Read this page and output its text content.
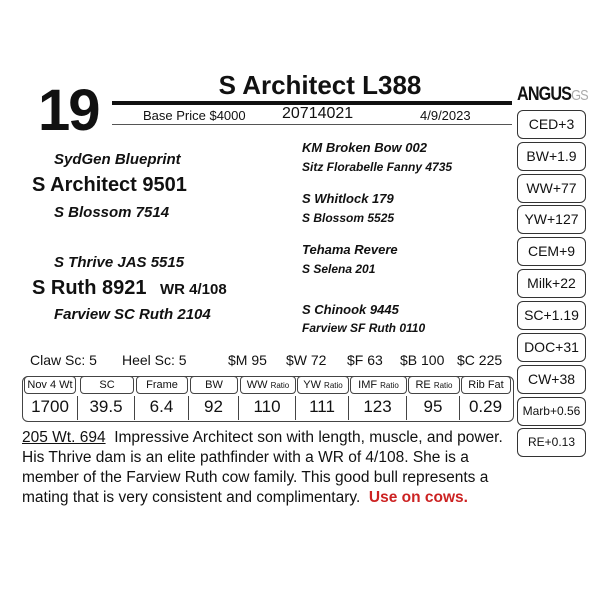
19	S Architect L388
Base Price $4000 20714021	4/9/2023
ANGUSGS
CED+3
BW+1.9
WW+77
YW+127
CEM+9
Milk+22
SC+1.19
DOC+31
CW+38
Marb+0.56
RE+0.13
SydGen Blueprint
S Architect 9501
S Blossom 7514
S Thrive JAS 5515
S Ruth 8921 WR 4/108
Farview SC Ruth 2104
KM Broken Bow 002
Sitz Florabelle Fanny 4735
S Whitlock 179
S Blossom 5525
Tehama Revere
S Selena 201
S Chinook 9445
Farview SF Ruth 0110
Claw Sc: 5 Heel Sc: 5	$M 95 $W 72 $F 63 $B 100 $C 225
Nov 4 Wt	SC	Frame	BW	WW Ratio	YW Ratio	IMF Ratio	RE Ratio	Rib Fat
1700	39.5	6.4	92	110	111	123	95	0.29
205 Wt. 694 Impressive Architect son with length, muscle, and power. His Thrive dam is an elite pathfinder with a WR of 4/108. She is a member of the Farview Ruth cow family. This good bull represents a mating that is very consistent and complimentary. Use on cows.
